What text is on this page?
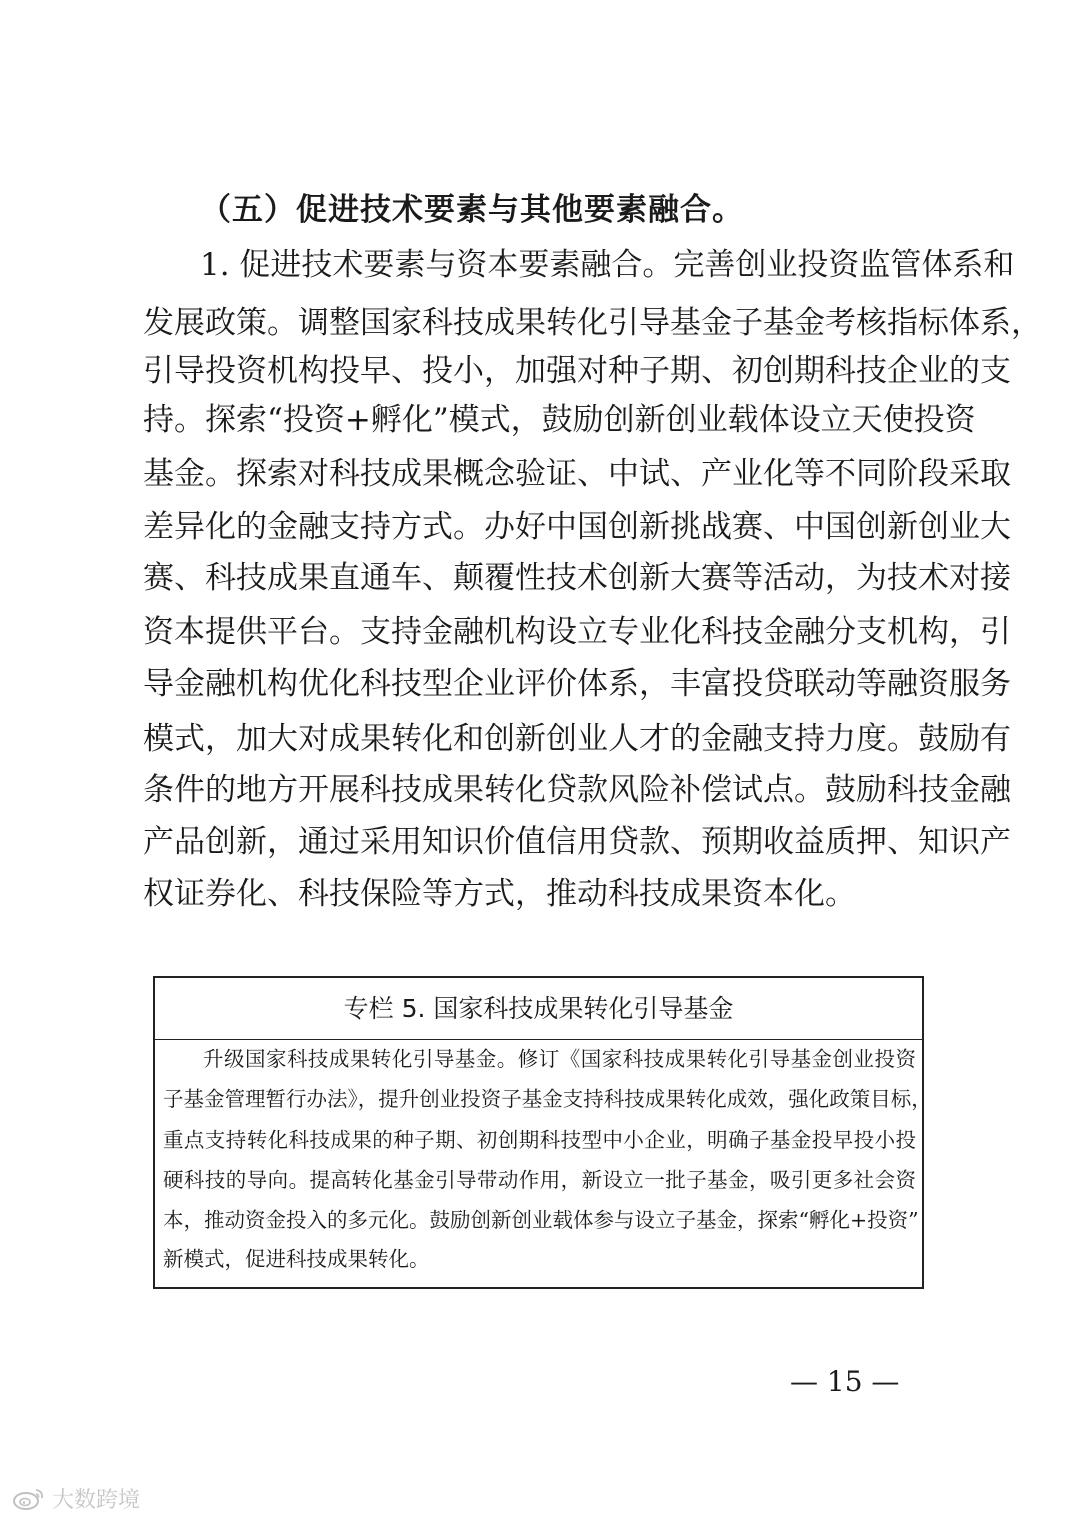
（五）促进技术要素与其他要素融合。
1. 促进技术要素与资本要素融合。完善创业投资监管体系和
发展政策。调整国家科技成果转化引导基金子基金考核指标体系，
引导投资机构投早、投小，加强对种子期、初创期科技企业的支
持。探索“投资+孵化”模式，鼓励创新创业载体设立天使投资
基金。探索对科技成果概念验证、中试、产业化等不同阶段采取
差异化的金融支持方式。办好中国创新挑战赛、中国创新创业大
赛、科技成果直通车、颠覆性技术创新大赛等活动，为技术对接
资本提供平台。支持金融机构设立专业化科技金融分支机构，引
导金融机构优化科技型企业评价体系，丰富投贷联动等融资服务
模式，加大对成果转化和创新创业人才的金融支持力度。鼓励有
条件的地方开展科技成果转化贷款风险补偿试点。鼓励科技金融
产品创新，通过采用知识价值信用贷款、预期收益质押、知识产
权证券化、科技保险等方式，推动科技成果资本化。
专栏 5. 国家科技成果转化引导基金
升级国家科技成果转化引导基金。修订《国家科技成果转化引导基金创业投资
子基金管理暂行办法》，提升创业投资子基金支持科技成果转化成效，强化政策目标，
重点支持转化科技成果的种子期、初创期科技型中小企业，明确子基金投早投小投
硬科技的导向。提高转化基金引导带动作用，新设立一批子基金，吸引更多社会资
本，推动资金投入的多元化。鼓励创新创业载体参与设立子基金，探索“孵化+投资”
新模式，促进科技成果转化。
— 15 —
大数跨境
